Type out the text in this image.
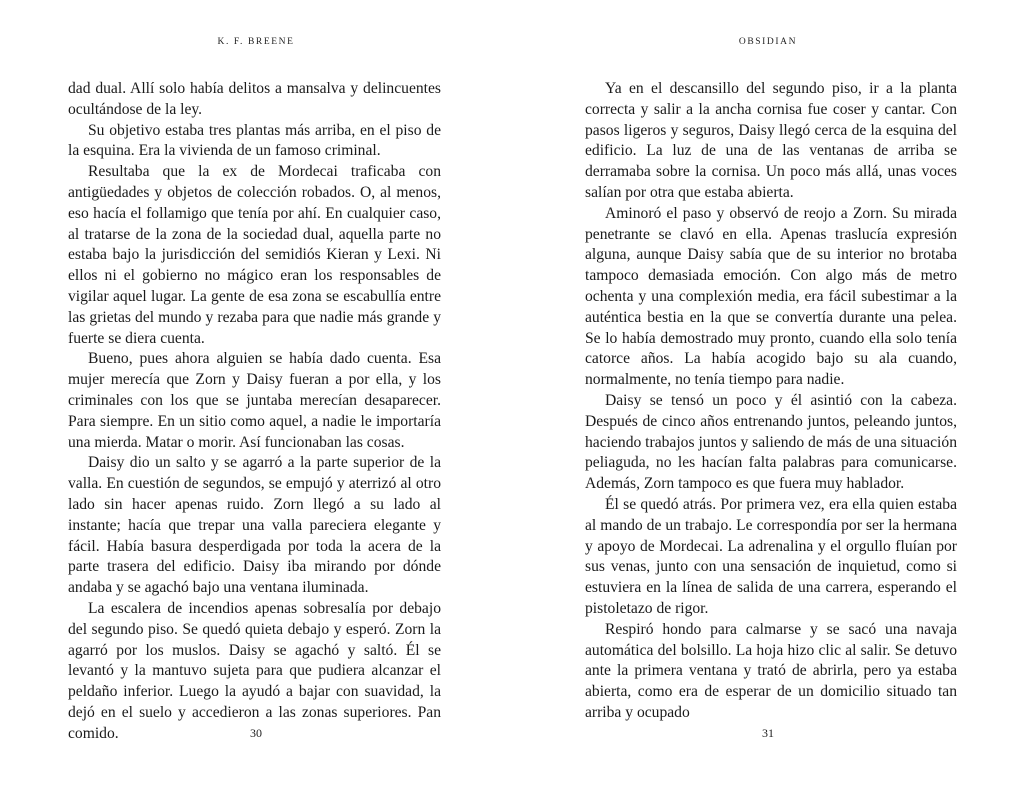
K. F. BREENE

dad dual. Allí solo había delitos a mansalva y delincuentes ocultándose de la ley.

Su objetivo estaba tres plantas más arriba, en el piso de la esquina. Era la vivienda de un famoso criminal.

Resultaba que la ex de Mordecai traficaba con antigüedades y objetos de colección robados. O, al menos, eso hacía el follamigo que tenía por ahí. En cualquier caso, al tratarse de la zona de la sociedad dual, aquella parte no estaba bajo la jurisdicción del semidiós Kieran y Lexi. Ni ellos ni el gobierno no mágico eran los responsables de vigilar aquel lugar. La gente de esa zona se escabullía entre las grietas del mundo y rezaba para que nadie más grande y fuerte se diera cuenta.

Bueno, pues ahora alguien se había dado cuenta. Esa mujer merecía que Zorn y Daisy fueran a por ella, y los criminales con los que se juntaba merecían desaparecer. Para siempre. En un sitio como aquel, a nadie le importaría una mierda. Matar o morir. Así funcionaban las cosas.

Daisy dio un salto y se agarró a la parte superior de la valla. En cuestión de segundos, se empujó y aterrizó al otro lado sin hacer apenas ruido. Zorn llegó a su lado al instante; hacía que trepar una valla pareciera elegante y fácil. Había basura desperdigada por toda la acera de la parte trasera del edificio. Daisy iba mirando por dónde andaba y se agachó bajo una ventana iluminada.

La escalera de incendios apenas sobresalía por debajo del segundo piso. Se quedó quieta debajo y esperó. Zorn la agarró por los muslos. Daisy se agachó y saltó. Él se levantó y la mantuvo sujeta para que pudiera alcanzar el peldaño inferior. Luego la ayudó a bajar con suavidad, la dejó en el suelo y accedieron a las zonas superiores. Pan comido.	30
OBSIDIAN

Ya en el descansillo del segundo piso, ir a la planta correcta y salir a la ancha cornisa fue coser y cantar. Con pasos ligeros y seguros, Daisy llegó cerca de la esquina del edificio. La luz de una de las ventanas de arriba se derramaba sobre la cornisa. Un poco más allá, unas voces salían por otra que estaba abierta.

Aminoró el paso y observó de reojo a Zorn. Su mirada penetrante se clavó en ella. Apenas traslucía expresión alguna, aunque Daisy sabía que de su interior no brotaba tampoco demasiada emoción. Con algo más de metro ochenta y una complexión media, era fácil subestimar a la auténtica bestia en la que se convertía durante una pelea. Se lo había demostrado muy pronto, cuando ella solo tenía catorce años. La había acogido bajo su ala cuando, normalmente, no tenía tiempo para nadie.

Daisy se tensó un poco y él asintió con la cabeza. Después de cinco años entrenando juntos, peleando juntos, haciendo trabajos juntos y saliendo de más de una situación peliaguda, no les hacían falta palabras para comunicarse. Además, Zorn tampoco es que fuera muy hablador.

Él se quedó atrás. Por primera vez, era ella quien estaba al mando de un trabajo. Le correspondía por ser la hermana y apoyo de Mordecai. La adrenalina y el orgullo fluían por sus venas, junto con una sensación de inquietud, como si estuviera en la línea de salida de una carrera, esperando el pistoletazo de rigor.

Respiró hondo para calmarse y se sacó una navaja automática del bolsillo. La hoja hizo clic al salir. Se detuvo ante la primera ventana y trató de abrirla, pero ya estaba abierta, como era de esperar de un domicilio situado tan arriba y ocupado

31
